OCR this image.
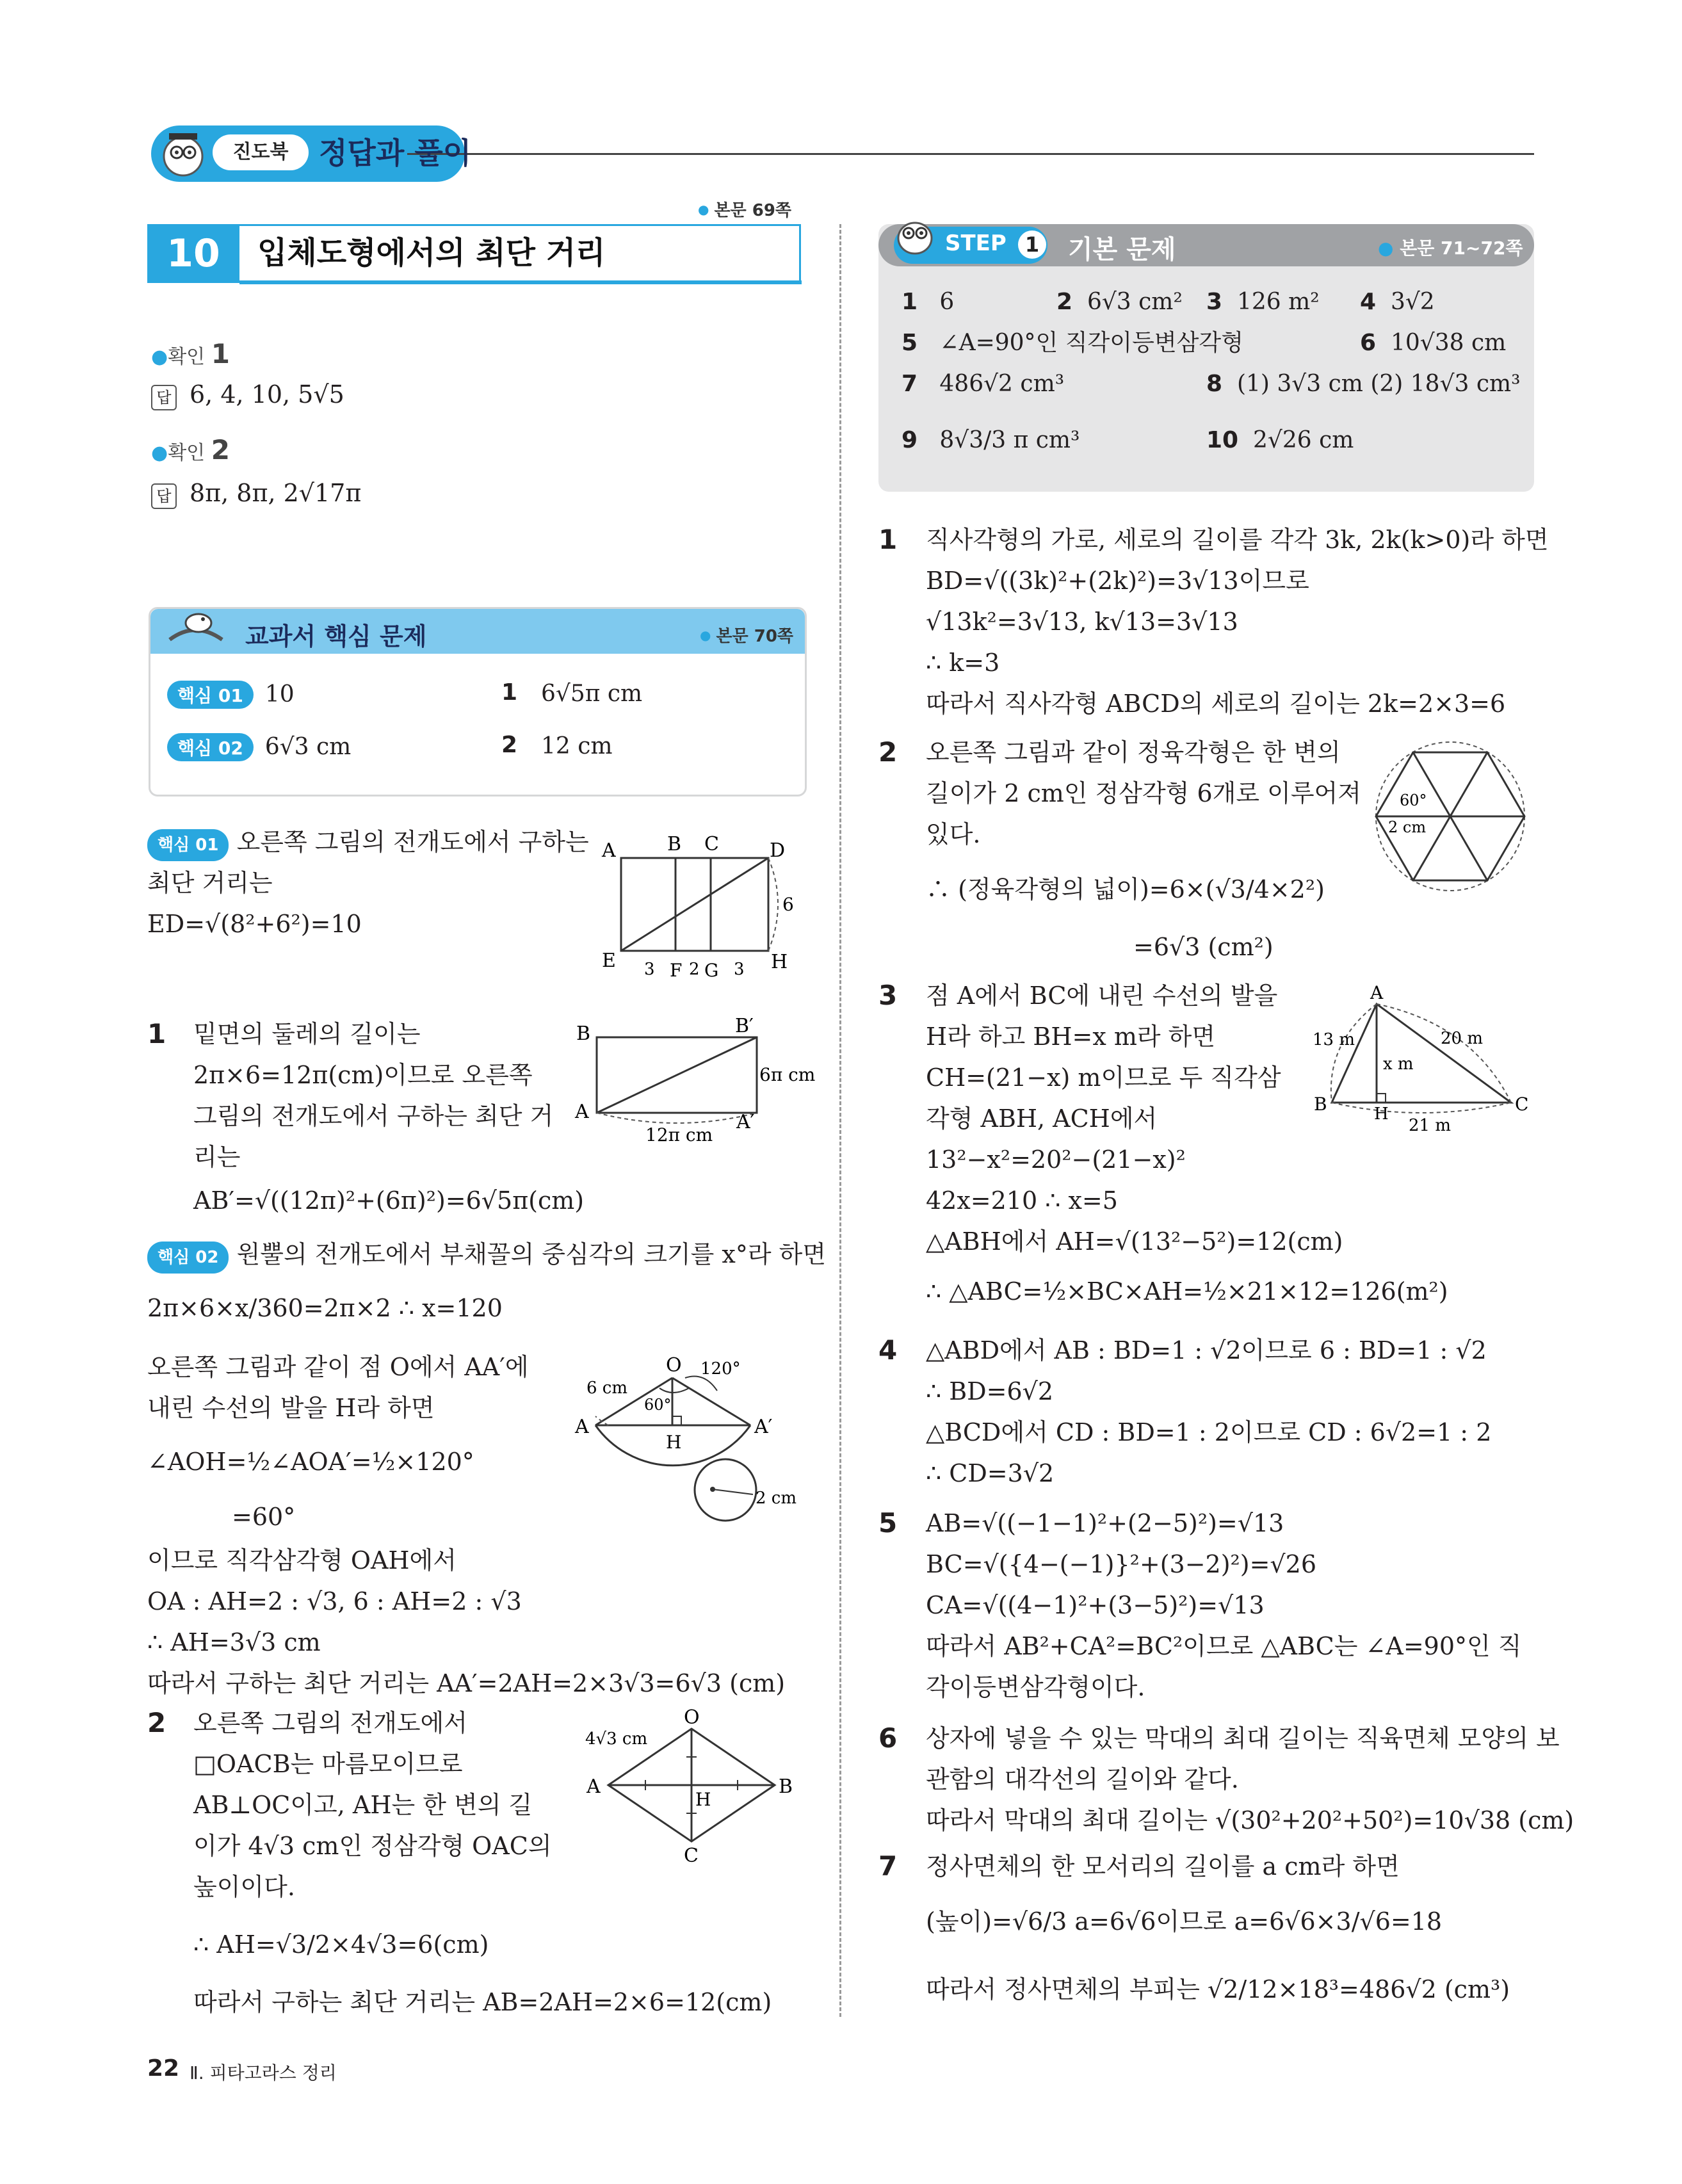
진도북	정답과 풀이
● 본문 69쪽
10	입체도형에서의 최단 거리
●확인 1
답 6, 4, 10, 5√5
●확인 2
답 8π, 8π, 2√17π
교과서 핵심 문제
●	본문 70쪽
핵심 01 10	1 6√5π cm
핵심 02 6√3 cm	2 12 cm
핵심 01 오른쪽 그림의 전개도에서 구하는
최단 거리는
ED=√(8²+6²)=10
A	B C	D
E	F G	H
6
3 2 3
1 밑면의 둘레의 길이는
2π×6=12π(cm)이므로 오른쪽
그림의 전개도에서 구하는 최단 거
리는
AB′=√((12π)²+(6π)²)=6√5π(cm)
B	B′
A	A′
6π cm
12π cm
핵심 02 원뿔의 전개도에서 부채꼴의 중심각의 크기를 x°라 하면
2π×6×x/360=2π×2 ∴ x=120
오른쪽 그림과 같이 점 O에서 AA′에
내린 수선의 발을 H라 하면
∠AOH=½∠AOA′=½×120°
=60°
이므로 직각삼각형 OAH에서
OA : AH=2 : √3, 6 : AH=2 : √3
∴ AH=3√3 cm
따라서 구하는 최단 거리는 AA′=2AH=2×3√3=6√3 (cm)
O
A	A′
H
6 cm
120°
60°
2 cm
2 오른쪽 그림의 전개도에서
□OACB는 마름모이므로
AB⊥OC이고, AH는 한 변의 길
이가 4√3 cm인 정삼각형 OAC의
높이이다.
∴ AH=√3/2×4√3=6(cm)
따라서 구하는 최단 거리는 AB=2AH=2×6=12(cm)
O
A	B
C
H
4√3 cm
STEP 1 기본 문제	● 본문 71~72쪽
1 6	2 6√3 cm² 3 126 m² 4 3√2
5 ∠A=90°인 직각이등변삼각형	6 10√38 cm
7 486√2 cm³	8 (1) 3√3 cm (2) 18√3 cm³
9 8√3/3 π cm³	10 2√26 cm
1 직사각형의 가로, 세로의 길이를 각각 3k, 2k(k>0)라 하면
BD=√((3k)²+(2k)²)=3√13이므로
√13k²=3√13, k√13=3√13
∴ k=3
따라서 직사각형 ABCD의 세로의 길이는 2k=2×3=6
2 오른쪽 그림과 같이 정육각형은 한 변의
길이가 2 cm인 정삼각형 6개로 이루어져
있다.
∴ (정육각형의 넓이)=6×(√3/4×2²)
=6√3 (cm²)
60°
2 cm
3 점 A에서 BC에 내린 수선의 발을
H라 하고 BH=x m라 하면
CH=(21−x) m이므로 두 직각삼
각형 ABH, ACH에서
13²−x²=20²−(21−x)²
42x=210 ∴ x=5
△ABH에서 AH=√(13²−5²)=12(cm)
∴ △ABC=½×BC×AH=½×21×12=126(m²)
A
B	C
H
13 m	20 m
x m
21 m
4 △ABD에서 AB : BD=1 : √2이므로 6 : BD=1 : √2
∴ BD=6√2
△BCD에서 CD : BD=1 : 2이므로 CD : 6√2=1 : 2
∴ CD=3√2
5 AB=√((−1−1)²+(2−5)²)=√13
BC=√({4−(−1)}²+(3−2)²)=√26
CA=√((4−1)²+(3−5)²)=√13
따라서 AB²+CA²=BC²이므로 △ABC는 ∠A=90°인 직
각이등변삼각형이다.
6 상자에 넣을 수 있는 막대의 최대 길이는 직육면체 모양의 보
관함의 대각선의 길이와 같다.
따라서 막대의 최대 길이는 √(30²+20²+50²)=10√38 (cm)
7 정사면체의 한 모서리의 길이를 a cm라 하면
(높이)=√6/3 a=6√6이므로 a=6√6×3/√6=18
따라서 정사면체의 부피는 √2/12×18³=486√2 (cm³)
22 Ⅱ. 피타고라스 정리
